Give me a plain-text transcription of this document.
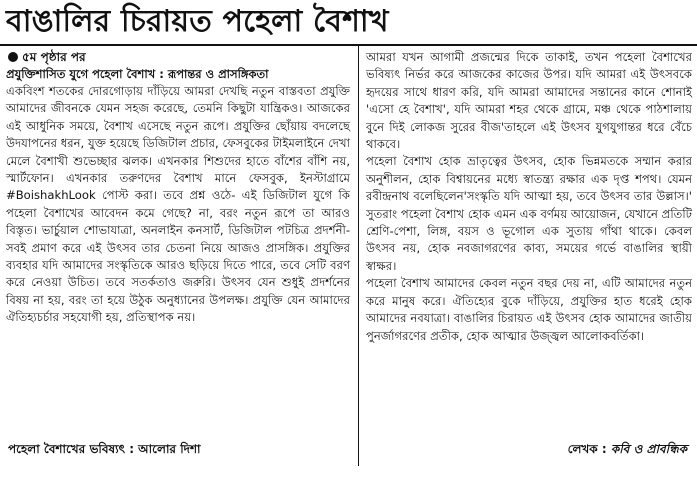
বাঙালির চিরায়ত পহেলা বৈশাখ
৫ম পৃষ্ঠার পর
প্রযুক্তিশাসিত যুগে পহেলা বৈশাখ : রূপান্তর ও প্রাসঙ্গিকতা

একবিংশ শতকের দোরগোড়ায় দাঁড়িয়ে আমরা দেখছি নতুন বাস্তবতা প্রযুক্তি আমাদের জীবনকে যেমন সহজ করেছে, তেমনি কিছুটা যান্ত্রিকও। আজকের এই আধুনিক সময়ে, বৈশাখ এসেছে নতুন রূপে। প্রযুক্তির ছোঁয়ায় বদলেছে উদযাপনের ধরন, যুক্ত হয়েছে ডিজিটাল প্রচার, ফেসবুকের টাইমলাইনে দেখা মেলে বৈশাখী শুভেচ্ছার ঝলক। এখনকার শিশুদের হাতে বাঁশের বাঁশি নয়, স্মার্টফোন। এখনকার তরুণদের বৈশাখ মানে ফেসবুক, ইনস্টাগ্রামে #BoishakhLook পোস্ট করা। তবে প্রশ্ন ওঠে- এই ডিজিটাল যুগে কি পহেলা বৈশাখের আবেদন কমে গেছে? না, বরং নতুন রূপে তা আরও বিস্তৃত। ভার্চুয়াল শোভাযাত্রা, অনলাইন কনসার্ট, ডিজিটাল পটচিত্র প্রদর্শনী- সবই প্রমাণ করে এই উৎসব তার চেতনা নিয়ে আজও প্রাসঙ্গিক। প্রযুক্তির ব্যবহার যদি আমাদের সংস্কৃতিকে আরও ছড়িয়ে দিতে পারে, তবে সেটি বরণ করে নেওয়া উচিত। তবে সতর্কতাও জরুরি। উৎসব যেন শুধুই প্রদর্শনের বিষয় না হয়, বরং তা হয়ে উঠুক অনুধ্যানের উপলক্ষ। প্রযুক্তি যেন আমাদের ঐতিহ্যচর্চার সহযোগী হয়, প্রতিস্থাপক নয়।

আমরা যখন আগামী প্রজন্মের দিকে তাকাই, তখন পহেলা বৈশাখের ভবিষ্যৎ নির্ভর করে আজকের কাজের উপর। যদি আমরা এই উৎসবকে হৃদয়ের সাথে ধারণ করি, যদি আমরা আমাদের সন্তানের কানে শোনাই 'এসো হে বৈশাখ', যদি আমরা শহর থেকে গ্রামে, মঞ্চ থেকে পাঠশালায় বুনে দিই লোকজ সুরের বীজ'তাহলে এই উৎসব যুগযুগান্তর ধরে বেঁচে থাকবে।

পহেলা বৈশাখ হোক ভ্রাতৃত্বের উৎসব, হোক ভিন্নমতকে সম্মান করার অনুশীলন, হোক বিশ্বায়নের মধ্যে স্বাতন্ত্র্য রক্ষার এক দৃপ্ত শপথ। যেমন রবীন্দ্রনাথ বলেছিলেন'সংস্কৃতি যদি আত্মা হয়, তবে উৎসব তার উল্লাস।' সুতরাং পহেলা বৈশাখ হোক এমন এক বর্ণময় আয়োজন, যেখানে প্রতিটি শ্রেণি-পেশা, লিঙ্গ, বয়স ও ভূগোল এক সুতায় গাঁথা থাকে। কেবল উৎসব নয়, হোক নবজাগরণের কাব্য, সময়ের গর্ভে বাঙালির স্থায়ী স্বাক্ষর।

পহেলা বৈশাখ আমাদের কেবল নতুন বছর দেয় না, এটি আমাদের নতুন করে মানুষ করে। ঐতিহ্যের বুকে দাঁড়িয়ে, প্রযুক্তির হাত ধরেই হোক আমাদের নবযাত্রা। বাঙালির চিরায়ত এই উৎসব হোক আমাদের জাতীয় পুনর্জাগরণের প্রতীক, হোক আত্মার উজ্জ্বল আলোকবর্তিকা।

পহেলা বৈশাখের ভবিষ্যৎ : আলোর দিশা	লেখক : কবি ও প্রাবন্ধিক
